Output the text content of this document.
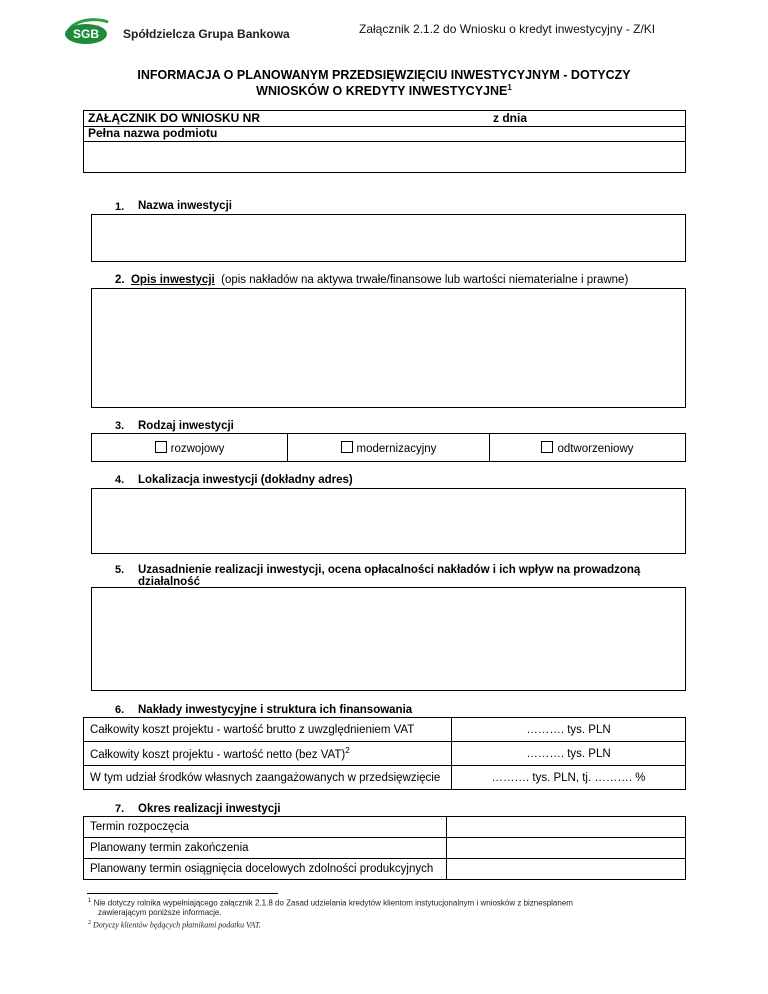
SGB Spółdzielcza Grupa Bankowa	Załącznik 2.1.2 do Wniosku o kredyt inwestycyjny - Z/KI
INFORMACJA O PLANOWANYM PRZEDSIĘWZIĘCIU INWESTYCYJNYM - DOTYCZY
WNIOSKÓW O KREDYTY INWESTYCYJNE$^1$
ZAŁĄCZNIK DO WNIOSKU NR	z dnia
Pełna nazwa podmiotu
1. Nazwa inwestycji
2. Opis inwestycji (opis nakładów na aktywa trwałe/finansowe lub wartości niematerialne i prawne)
3. Rodzaj inwestycji
rozwojowy	modernizacyjny	odtworzeniowy
4. Lokalizacja inwestycji (dokładny adres)
5. Uzasadnienie realizacji inwestycji, ocena opłacalności nakładów i ich wpływ na prowadzoną
działalność
6. Nakłady inwestycyjne i struktura ich finansowania
Całkowity koszt projektu - wartość brutto z uwzględnieniem VAT	………. tys. PLN
Całkowity koszt projektu - wartość netto (bez VAT)$^2$	………. tys. PLN
W tym udział środków własnych zaangażowanych w przedsięwzięcie	………. tys. PLN, tj. ………. %
7. Okres realizacji inwestycji
Termin rozpoczęcia	
Planowany termin zakończenia	
Planowany termin osiągnięcia docelowych zdolności produkcyjnych	
$^1$ Nie dotyczy rolnika wypełniającego załącznik 2.1.8 do Zasad udzielania kredytów klientom instytucjonalnym i wniosków z biznesplanem
zawierającym poniższe informacje.
$^2$ Dotyczy klientów będących płatnikami podatku VAT.
